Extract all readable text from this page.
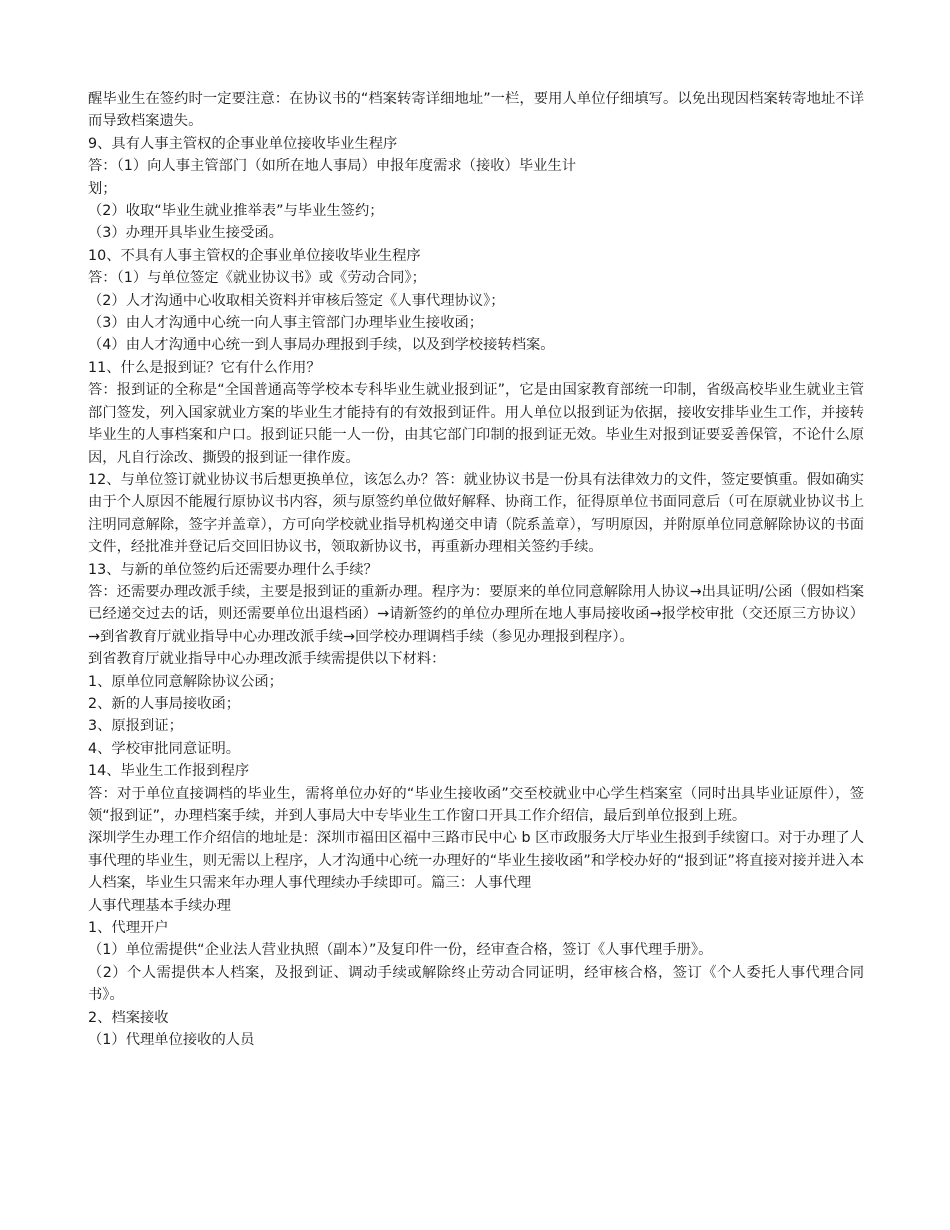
醒毕业生在签约时一定要注意：在协议书的“档案转寄详细地址”一栏，要用人单位仔细填写。以免出现因档案转寄地址不详而导致档案遗失。

9、具有人事主管权的企事业单位接收毕业生程序

答：（1）向人事主管部门（如所在地人事局）申报年度需求（接收）毕业生计

划；

（2）收取“毕业生就业推举表”与毕业生签约；

（3）办理开具毕业生接受函。

10、不具有人事主管权的企事业单位接收毕业生程序

答：（1）与单位签定《就业协议书》或《劳动合同》；

（2）人才沟通中心收取相关资料并审核后签定《人事代理协议》；

（3）由人才沟通中心统一向人事主管部门办理毕业生接收函；

（4）由人才沟通中心统一到人事局办理报到手续，以及到学校接转档案。

11、什么是报到证？它有什么作用？

答：报到证的全称是“全国普通高等学校本专科毕业生就业报到证”，它是由国家教育部统一印制，省级高校毕业生就业主管部门签发，列入国家就业方案的毕业生才能持有的有效报到证件。用人单位以报到证为依据，接收安排毕业生工作，并接转毕业生的人事档案和户口。报到证只能一人一份，由其它部门印制的报到证无效。毕业生对报到证要妥善保管，不论什么原因，凡自行涂改、撕毁的报到证一律作废。

12、与单位签订就业协议书后想更换单位，该怎么办？答：就业协议书是一份具有法律效力的文件，签定要慎重。假如确实由于个人原因不能履行原协议书内容，须与原签约单位做好解释、协商工作，征得原单位书面同意后（可在原就业协议书上注明同意解除，签字并盖章），方可向学校就业指导机构递交申请（院系盖章），写明原因，并附原单位同意解除协议的书面文件，经批准并登记后交回旧协议书，领取新协议书，再重新办理相关签约手续。

13、与新的单位签约后还需要办理什么手续？

答：还需要办理改派手续，主要是报到证的重新办理。程序为：要原来的单位同意解除用人协议→出具证明/公函（假如档案已经递交过去的话，则还需要单位出退档函）→请新签约的单位办理所在地人事局接收函→报学校审批（交还原三方协议）→到省教育厅就业指导中心办理改派手续→回学校办理调档手续（参见办理报到程序）。

到省教育厅就业指导中心办理改派手续需提供以下材料：

1、原单位同意解除协议公函；

2、新的人事局接收函；

3、原报到证；

4、学校审批同意证明。

14、毕业生工作报到程序

答：对于单位直接调档的毕业生，需将单位办好的“毕业生接收函”交至校就业中心学生档案室（同时出具毕业证原件），签领“报到证”，办理档案手续，并到人事局大中专毕业生工作窗口开具工作介绍信，最后到单位报到上班。

深圳学生办理工作介绍信的地址是：深圳市福田区福中三路市民中心 b 区市政服务大厅毕业生报到手续窗口。对于办理了人事代理的毕业生，则无需以上程序，人才沟通中心统一办理好的“毕业生接收函”和学校办好的“报到证”将直接对接并进入本人档案，毕业生只需来年办理人事代理续办手续即可。篇三：人事代理

人事代理基本手续办理

1、代理开户

（1）单位需提供“企业法人营业执照（副本）”及复印件一份，经审查合格，签订《人事代理手册》。

（2）个人需提供本人档案，及报到证、调动手续或解除终止劳动合同证明，经审核合格，签订《个人委托人事代理合同书》。

2、档案接收

（1）代理单位接收的人员
